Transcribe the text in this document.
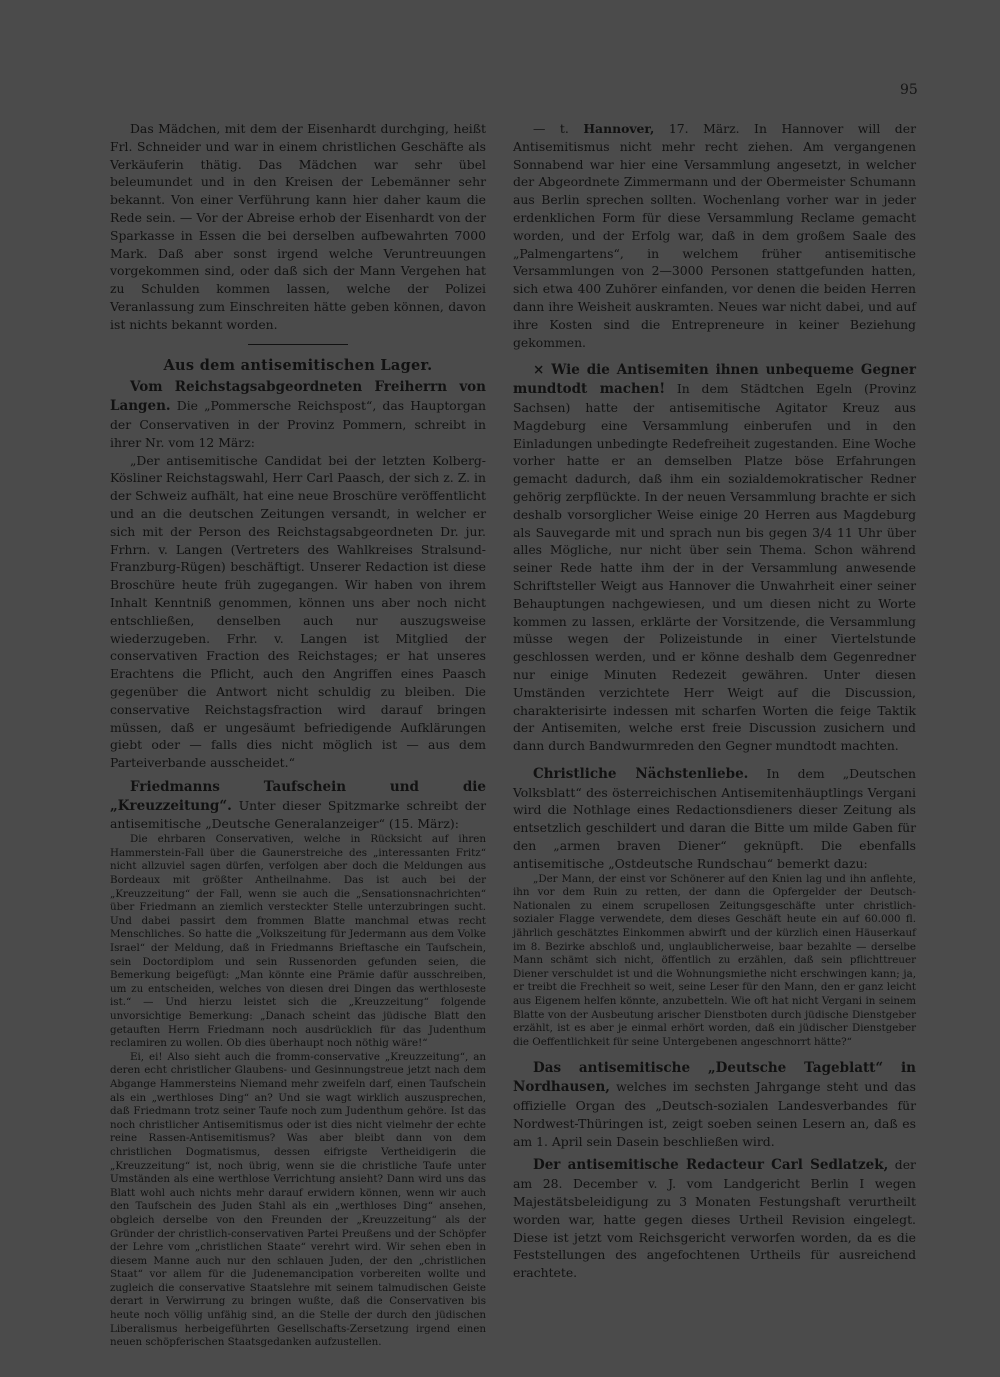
95

Das Mädchen, mit dem der Eisenhardt durchging, heißt Frl. Schneider und war in einem christlichen Geschäfte als Verkäuferin thätig. Das Mädchen war sehr übel beleumundet und in den Kreisen der Lebemänner sehr bekannt. Von einer Verführung kann hier daher kaum die Rede sein. — Vor der Abreise erhob der Eisenhardt von der Sparkasse in Essen die bei derselben aufbewahrten 7000 Mark. Daß aber sonst irgend welche Veruntreuungen vorgekommen sind, oder daß sich der Mann Vergehen hat zu Schulden kommen lassen, welche der Polizei Veranlassung zum Einschreiten hätte geben können, davon ist nichts bekannt worden.

Aus dem antisemitischen Lager.

Vom Reichstagsabgeordneten Freiherrn von Langen. Die „Pommersche Reichspost“, das Hauptorgan der Conservativen in der Provinz Pommern, schreibt in ihrer Nr. vom 12 März:

„Der antisemitische Candidat bei der letzten Kolberg-Kösliner Reichstagswahl, Herr Carl Paasch, der sich z. Z. in der Schweiz aufhält, hat eine neue Broschüre veröffentlicht und an die deutschen Zeitungen versandt, in welcher er sich mit der Person des Reichstagsabgeordneten Dr. jur. Frhrn. v. Langen (Vertreters des Wahlkreises Stralsund-Franzburg-Rügen) beschäftigt. Unserer Redaction ist diese Broschüre heute früh zugegangen. Wir haben von ihrem Inhalt Kenntniß genommen, können uns aber noch nicht entschließen, denselben auch nur auszugsweise wiederzugeben. Frhr. v. Langen ist Mitglied der conservativen Fraction des Reichstages; er hat unseres Erachtens die Pflicht, auch den Angriffen eines Paasch gegenüber die Antwort nicht schuldig zu bleiben. Die conservative Reichstagsfraction wird darauf bringen müssen, daß er ungesäumt befriedigende Aufklärungen giebt oder — falls dies nicht möglich ist — aus dem Parteiverbande ausscheidet.“

Friedmanns Taufschein und die „Kreuzzeitung“. Unter dieser Spitzmarke schreibt der antisemitische „Deutsche Generalanzeiger“ (15. März):

Die ehrbaren Conservativen, welche in Rücksicht auf ihren Hammerstein-Fall über die Gaunerstreiche des „interessanten Fritz“ nicht allzuviel sagen dürfen, verfolgen aber doch die Meldungen aus Bordeaux mit größter Antheilnahme. Das ist auch bei der „Kreuzzeitung“ der Fall, wenn sie auch die „Sensationsnachrichten“ über Friedmann an ziemlich versteckter Stelle unterzubringen sucht. Und dabei passirt dem frommen Blatte manchmal etwas recht Menschliches. So hatte die „Volkszeitung für Jedermann aus dem Volke Israel“ der Meldung, daß in Friedmanns Brieftasche ein Taufschein, sein Doctordiplom und sein Russenorden gefunden seien, die Bemerkung beigefügt: „Man könnte eine Prämie dafür ausschreiben, um zu entscheiden, welches von diesen drei Dingen das werthloseste ist.“ — Und hierzu leistet sich die „Kreuzzeitung“ folgende unvorsichtige Bemerkung: „Danach scheint das jüdische Blatt den getauften Herrn Friedmann noch ausdrücklich für das Judenthum reclamiren zu wollen. Ob dies überhaupt noch nöthig wäre!“

Ei, ei! Also sieht auch die fromm-conservative „Kreuzzeitung“, an deren echt christlicher Glaubens- und Gesinnungstreue jetzt nach dem Abgange Hammersteins Niemand mehr zweifeln darf, einen Taufschein als ein „werthloses Ding“ an? Und sie wagt wirklich auszusprechen, daß Friedmann trotz seiner Taufe noch zum Judenthum gehöre. Ist das noch christlicher Antisemitismus oder ist dies nicht vielmehr der echte reine Rassen-Antisemitismus? Was aber bleibt dann von dem christlichen Dogmatismus, dessen eifrigste Vertheidigerin die „Kreuzzeitung“ ist, noch übrig, wenn sie die christliche Taufe unter Umständen als eine werthlose Verrichtung ansieht? Dann wird uns das Blatt wohl auch nichts mehr darauf erwidern können, wenn wir auch den Taufschein des Juden Stahl als ein „werthloses Ding“ ansehen, obgleich derselbe von den Freunden der „Kreuzzeitung“ als der Gründer der christlich-conservativen Partei Preußens und der Schöpfer der Lehre vom „christlichen Staate“ verehrt wird. Wir sehen eben in diesem Manne auch nur den schlauen Juden, der den „christlichen Staat“ vor allem für die Judenemancipation vorbereiten wollte und zugleich die conservative Staatslehre mit seinem talmudischen Geiste derart in Verwirrung zu bringen wußte, daß die Conservativen bis heute noch völlig unfähig sind, an die Stelle der durch den jüdischen Liberalismus herbeigeführten Gesellschafts-Zersetzung irgend einen neuen schöpferischen Staatsgedanken aufzustellen.

— t. Hannover, 17. März. In Hannover will der Antisemitismus nicht mehr recht ziehen. Am vergangenen Sonnabend war hier eine Versammlung angesetzt, in welcher der Abgeordnete Zimmermann und der Obermeister Schumann aus Berlin sprechen sollten. Wochenlang vorher war in jeder erdenklichen Form für diese Versammlung Reclame gemacht worden, und der Erfolg war, daß in dem großem Saale des „Palmengartens“, in welchem früher antisemitische Versammlungen von 2—3000 Personen stattgefunden hatten, sich etwa 400 Zuhörer einfanden, vor denen die beiden Herren dann ihre Weisheit auskramten. Neues war nicht dabei, und auf ihre Kosten sind die Entrepreneure in keiner Beziehung gekommen.

× Wie die Antisemiten ihnen unbequeme Gegner mundtodt machen! In dem Städtchen Egeln (Provinz Sachsen) hatte der antisemitische Agitator Kreuz aus Magdeburg eine Versammlung einberufen und in den Einladungen unbedingte Redefreiheit zugestanden. Eine Woche vorher hatte er an demselben Platze böse Erfahrungen gemacht dadurch, daß ihm ein sozialdemokratischer Redner gehörig zerpflückte. In der neuen Versammlung brachte er sich deshalb vorsorglicher Weise einige 20 Herren aus Magdeburg als Sauvegarde mit und sprach nun bis gegen 3/4 11 Uhr über alles Mögliche, nur nicht über sein Thema. Schon während seiner Rede hatte ihm der in der Versammlung anwesende Schriftsteller Weigt aus Hannover die Unwahrheit einer seiner Behauptungen nachgewiesen, und um diesen nicht zu Worte kommen zu lassen, erklärte der Vorsitzende, die Versammlung müsse wegen der Polizeistunde in einer Viertelstunde geschlossen werden, und er könne deshalb dem Gegenredner nur einige Minuten Redezeit gewähren. Unter diesen Umständen verzichtete Herr Weigt auf die Discussion, charakterisirte indessen mit scharfen Worten die feige Taktik der Antisemiten, welche erst freie Discussion zusichern und dann durch Bandwurmreden den Gegner mundtodt machten.

Christliche Nächstenliebe. In dem „Deutschen Volksblatt“ des österreichischen Antisemitenhäuptlings Vergani wird die Nothlage eines Redactionsdieners dieser Zeitung als entsetzlich geschildert und daran die Bitte um milde Gaben für den „armen braven Diener“ geknüpft. Die ebenfalls antisemitische „Ostdeutsche Rundschau“ bemerkt dazu:

„Der Mann, der einst vor Schönerer auf den Knien lag und ihn anflehte, ihn vor dem Ruin zu retten, der dann die Opfergelder der Deutsch-Nationalen zu einem scrupellosen Zeitungsgeschäfte unter christlich-sozialer Flagge verwendete, dem dieses Geschäft heute ein auf 60.000 fl. jährlich geschätztes Einkommen abwirft und der kürzlich einen Häuserkauf im 8. Bezirke abschloß und, unglaublicherweise, baar bezahlte — derselbe Mann schämt sich nicht, öffentlich zu erzählen, daß sein pflichttreuer Diener verschuldet ist und die Wohnungsmiethe nicht erschwingen kann; ja, er treibt die Frechheit so weit, seine Leser für den Mann, den er ganz leicht aus Eigenem helfen könnte, anzubetteln. Wie oft hat nicht Vergani in seinem Blatte von der Ausbeutung arischer Dienstboten durch jüdische Dienstgeber erzählt, ist es aber je einmal erhört worden, daß ein jüdischer Dienstgeber die Oeffentlichkeit für seine Untergebenen angeschnorrt hätte?“

Das antisemitische „Deutsche Tageblatt“ in Nordhausen, welches im sechsten Jahrgange steht und das offizielle Organ des „Deutsch-sozialen Landesverbandes für Nordwest-Thüringen ist, zeigt soeben seinen Lesern an, daß es am 1. April sein Dasein beschließen wird.

Der antisemitische Redacteur Carl Sedlatzek, der am 28. December v. J. vom Landgericht Berlin I wegen Majestätsbeleidigung zu 3 Monaten Festungshaft verurtheilt worden war, hatte gegen dieses Urtheil Revision eingelegt. Diese ist jetzt vom Reichsgericht verworfen worden, da es die Feststellungen des angefochtenen Urtheils für ausreichend erachtete.
